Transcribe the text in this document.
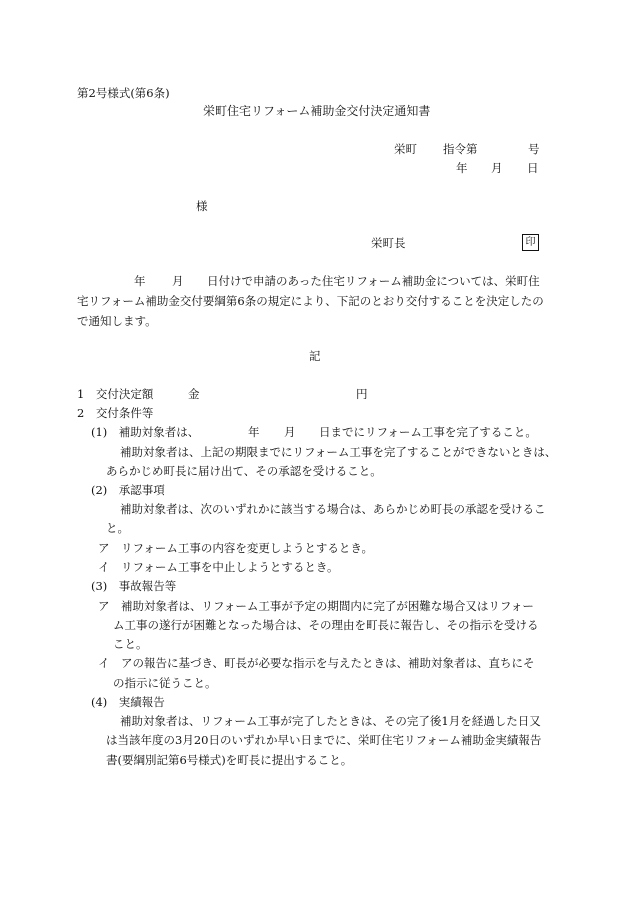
第2号様式(第6条)
栄町住宅リフォーム補助金交付決定通知書
栄町 指令第	号
年 月 日
様
栄町長	印
年 月 日付けで申請のあった住宅リフォーム補助金については、栄町住
宅リフォーム補助金交付要綱第6条の規定により、下記のとおり交付することを決定したの
で通知します。
記
1　交付決定額	金	円
2　交付条件等
(1)　補助対象者は、	年 月 日までにリフォーム工事を完了すること。
補助対象者は、上記の期限までにリフォーム工事を完了することができないときは、
あらかじめ町長に届け出て、その承認を受けること。
(2)　承認事項
補助対象者は、次のいずれかに該当する場合は、あらかじめ町長の承認を受けるこ
と。
ア　リフォーム工事の内容を変更しようとするとき。
イ　リフォーム工事を中止しようとするとき。
(3)　事故報告等
ア　補助対象者は、リフォーム工事が予定の期間内に完了が困難な場合又はリフォー
ム工事の遂行が困難となった場合は、その理由を町長に報告し、その指示を受ける
こと。
イ　アの報告に基づき、町長が必要な指示を与えたときは、補助対象者は、直ちにそ
の指示に従うこと。
(4)　実績報告
補助対象者は、リフォーム工事が完了したときは、その完了後1月を経過した日又
は当該年度の3月20日のいずれか早い日までに、栄町住宅リフォーム補助金実績報告
書(要綱別記第6号様式)を町長に提出すること。
